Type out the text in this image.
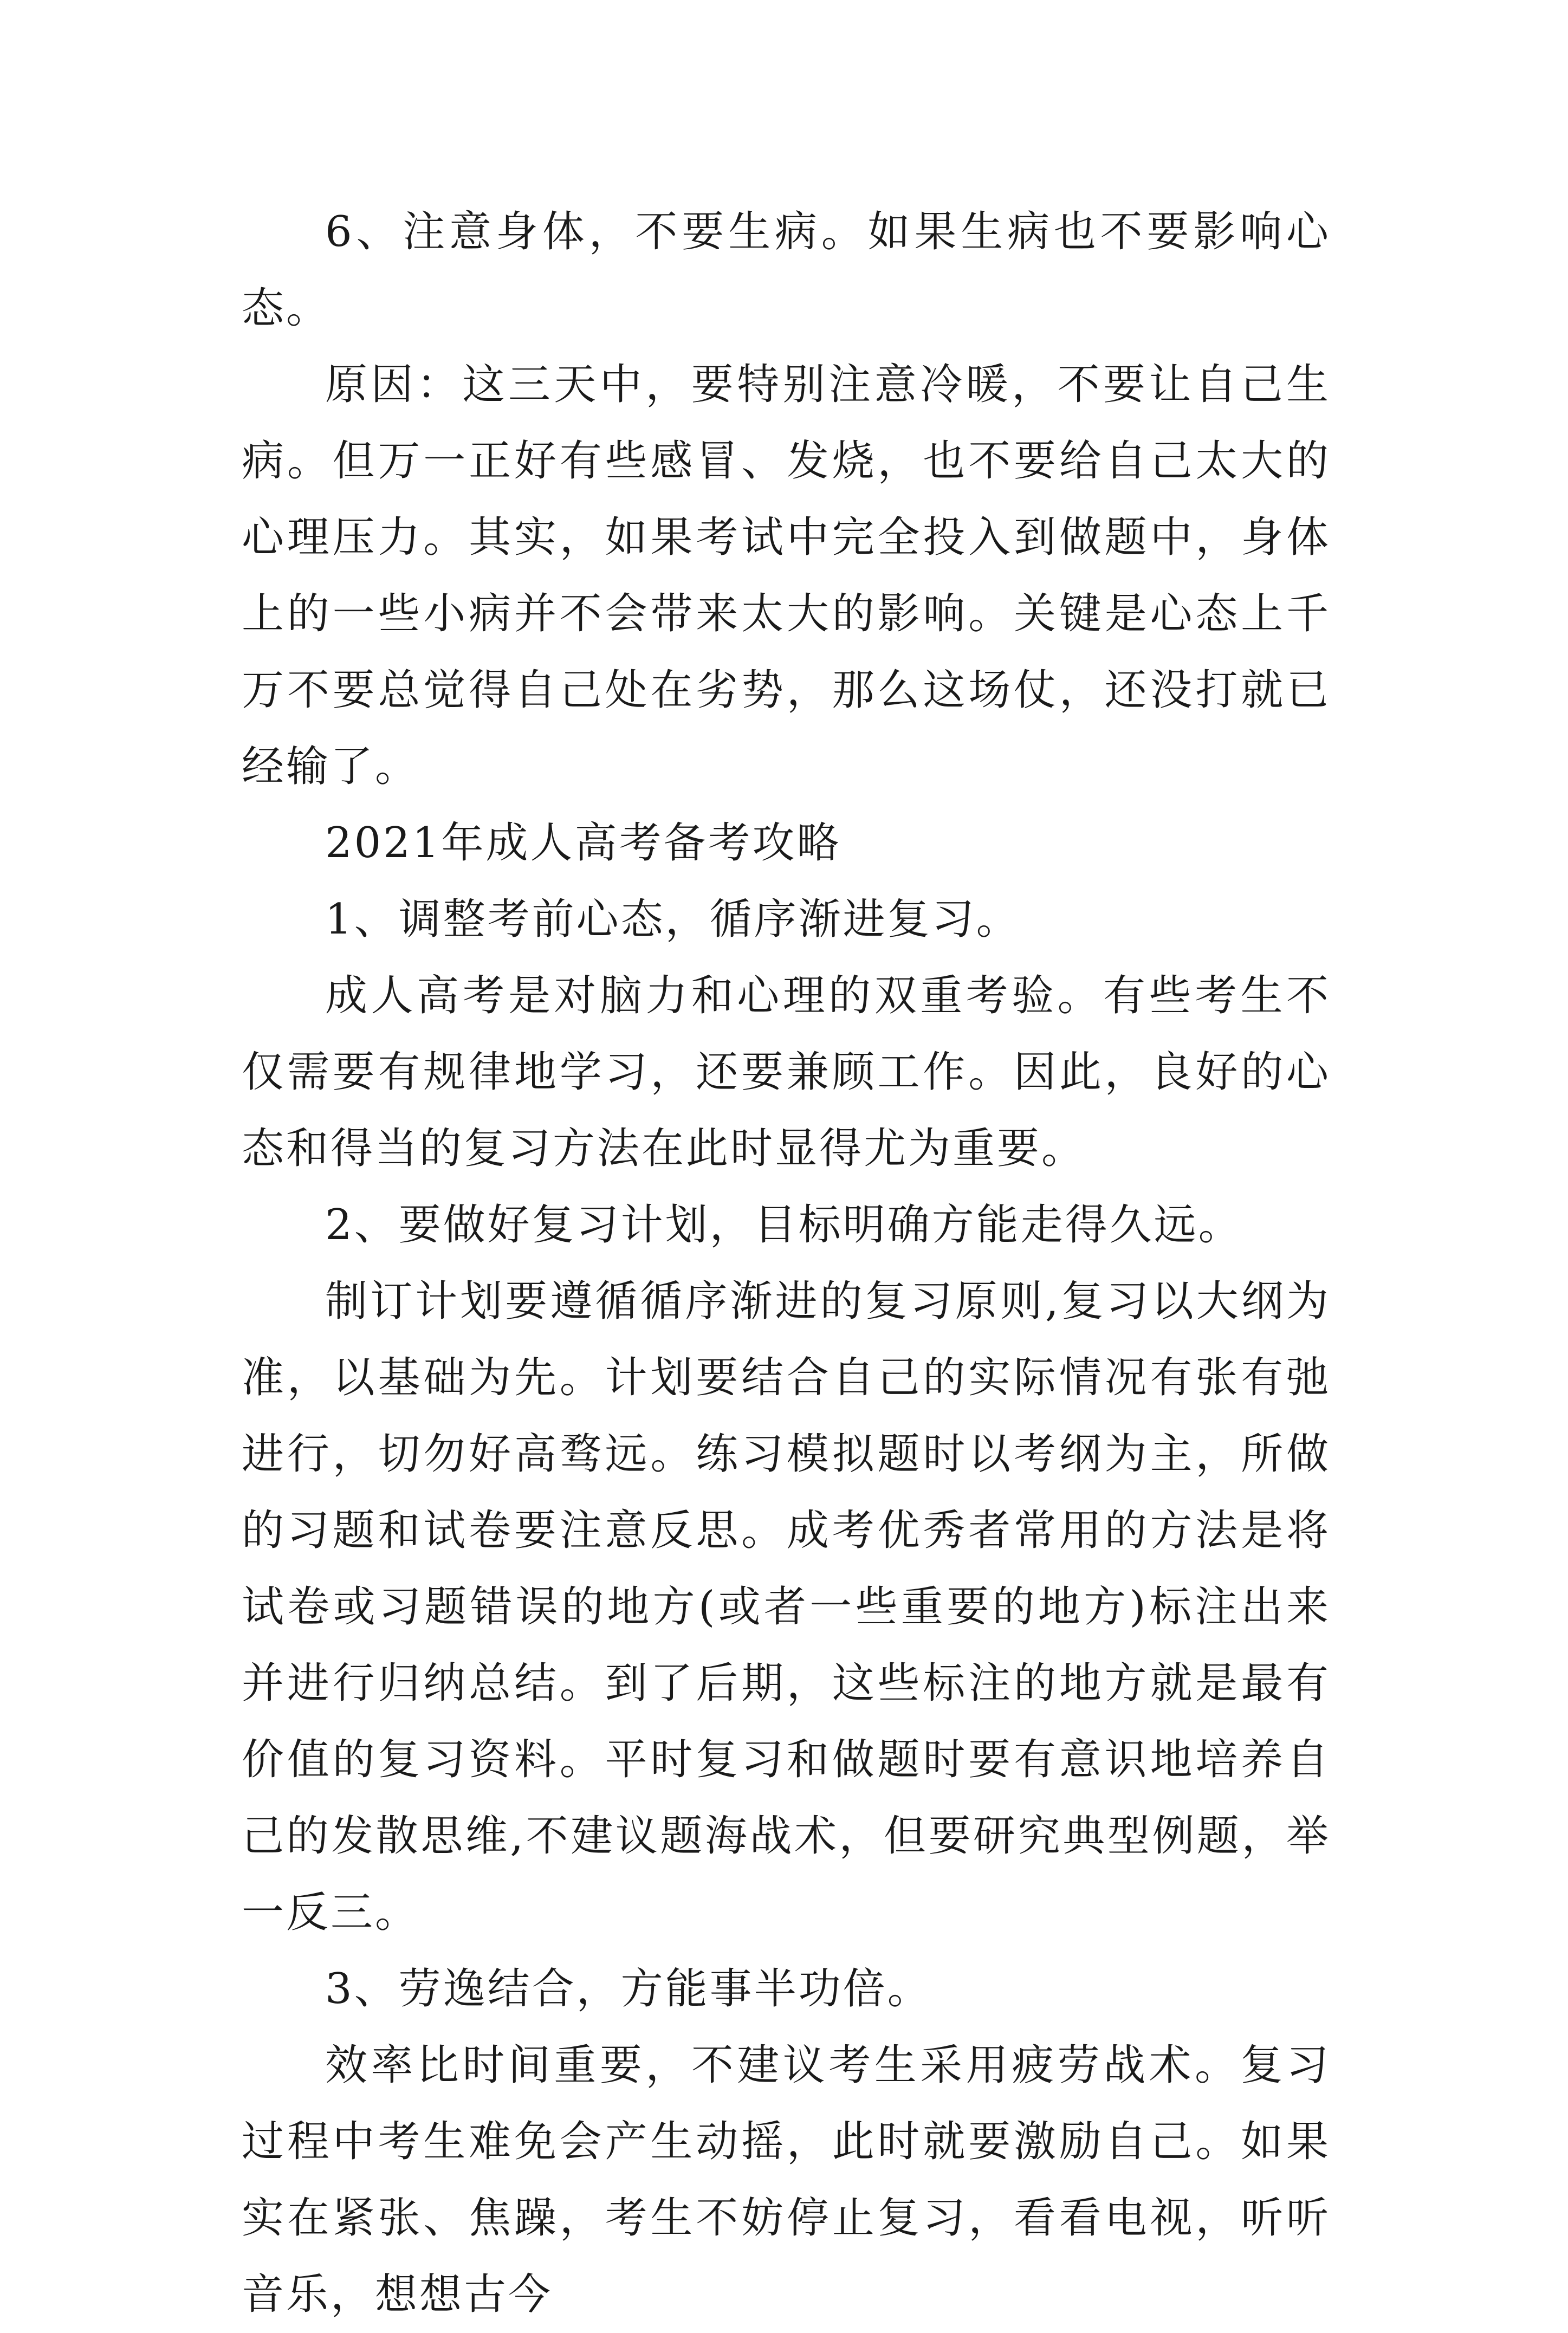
6、注意身体，不要生病。如果生病也不要影响心态。

原因：这三天中，要特别注意冷暖，不要让自己生病。但万一正好有些感冒、发烧，也不要给自己太大的心理压力。其实，如果考试中完全投入到做题中，身体上的一些小病并不会带来太大的影响。关键是心态上千万不要总觉得自己处在劣势，那么这场仗，还没打就已经输了。

2021年成人高考备考攻略

1、调整考前心态，循序渐进复习。

成人高考是对脑力和心理的双重考验。有些考生不仅需要有规律地学习，还要兼顾工作。因此，良好的心态和得当的复习方法在此时显得尤为重要。

2、要做好复习计划，目标明确方能走得久远。

制订计划要遵循循序渐进的复习原则,复习以大纲为准，以基础为先。计划要结合自己的实际情况有张有弛进行，切勿好高骛远。练习模拟题时以考纲为主，所做的习题和试卷要注意反思。成考优秀者常用的方法是将试卷或习题错误的地方(或者一些重要的地方)标注出来并进行归纳总结。到了后期，这些标注的地方就是最有价值的复习资料。平时复习和做题时要有意识地培养自己的发散思维,不建议题海战术，但要研究典型例题，举一反三。

3、劳逸结合，方能事半功倍。

效率比时间重要，不建议考生采用疲劳战术。复习过程中考生难免会产生动摇，此时就要激励自己。如果实在紧张、焦躁，考生不妨停止复习，看看电视，听听音乐，想想古今
